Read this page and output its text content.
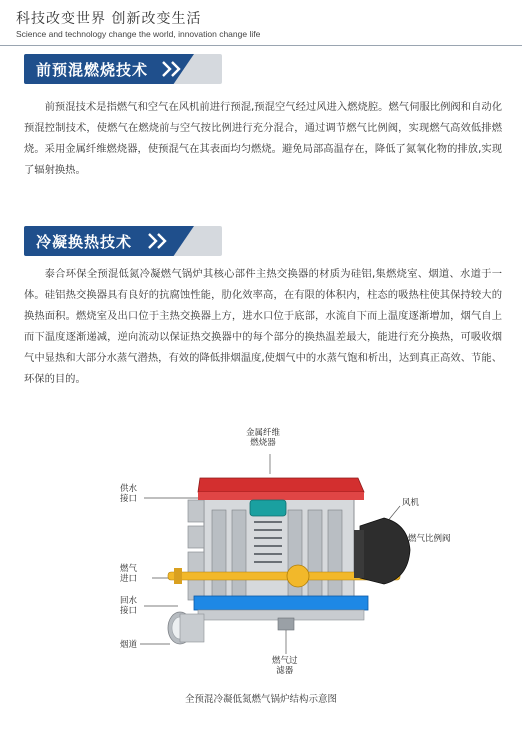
科技改变世界 创新改变生活
Science and technology change the world, innovation change life
前预混燃烧技术
前预混技术是指燃气和空气在风机前进行预混,预混空气经过风进入燃烧腔。燃气伺服比例阀和自动化预混控制技术，使燃气在燃烧前与空气按比例进行充分混合，通过调节燃气比例阀，实现燃气高效低排燃烧。采用金属纤维燃烧器，使预混气在其表面均匀燃烧。避免局部高温存在，降低了氮氧化物的排放,实现了辐射换热。
冷凝换热技术
泰合环保全预混低氮冷凝燃气锅炉其核心部件主热交换器的材质为硅铝,集燃烧室、烟道、水道于一体。硅铝热交换器具有良好的抗腐蚀性能，肋化效率高，在有限的体积内，柱态的吸热柱使其保持较大的换热面积。燃烧室及出口位于主热交换器上方，进水口位于底部，水流自下而上温度逐渐增加，烟气自上而下温度逐渐递减，逆向流动以保证热交换器中的每个部分的换热温差最大，能进行充分换热，可吸收烟气中显热和大部分水蒸气潜热，有效的降低排烟温度,使烟气中的水蒸气饱和析出，达到真正高效、节能、环保的目的。
金属纤维
燃烧器
供水
接口	风机
燃气比例阀
燃气
进口
回水
接口
烟道
燃气过
滤器
全预混冷凝低氮燃气锅炉结构示意图
